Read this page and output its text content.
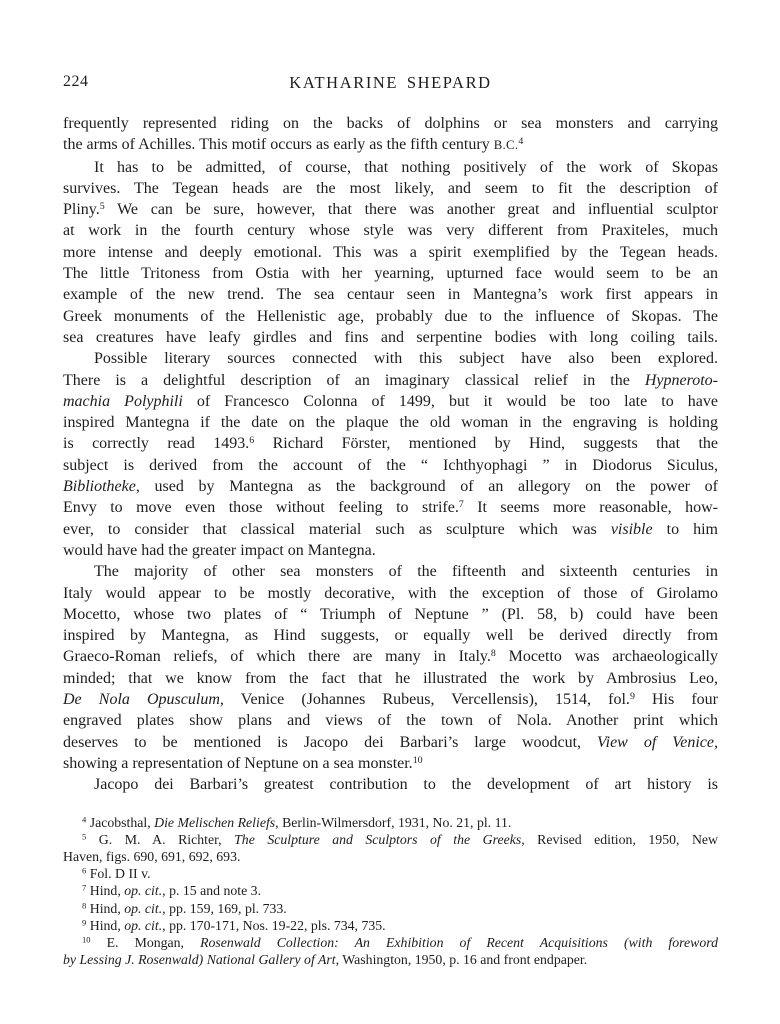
224	KATHARINE SHEPARD
frequently represented riding on the backs of dolphins or sea monsters and carrying
the arms of Achilles. This motif occurs as early as the fifth century B.C.$^4$
It has to be admitted, of course, that nothing positively of the work of Skopas
survives. The Tegean heads are the most likely, and seem to fit the description of
Pliny.$^5$ We can be sure, however, that there was another great and influential sculptor
at work in the fourth century whose style was very different from Praxiteles, much
more intense and deeply emotional. This was a spirit exemplified by the Tegean heads.
The little Tritoness from Ostia with her yearning, upturned face would seem to be an
example of the new trend. The sea centaur seen in Mantegna’s work first appears in
Greek monuments of the Hellenistic age, probably due to the influence of Skopas. The
sea creatures have leafy girdles and fins and serpentine bodies with long coiling tails.
Possible literary sources connected with this subject have also been explored.
There is a delightful description of an imaginary classical relief in the Hypneroto-
machia Polyphili of Francesco Colonna of 1499, but it would be too late to have
inspired Mantegna if the date on the plaque the old woman in the engraving is holding
is correctly read 1493.$^6$ Richard Förster, mentioned by Hind, suggests that the
subject is derived from the account of the “ Ichthyophagi ” in Diodorus Siculus,
Bibliotheke, used by Mantegna as the background of an allegory on the power of
Envy to move even those without feeling to strife.$^7$ It seems more reasonable, how-
ever, to consider that classical material such as sculpture which was visible to him
would have had the greater impact on Mantegna.
The majority of other sea monsters of the fifteenth and sixteenth centuries in
Italy would appear to be mostly decorative, with the exception of those of Girolamo
Mocetto, whose two plates of “ Triumph of Neptune ” (Pl. 58, b) could have been
inspired by Mantegna, as Hind suggests, or equally well be derived directly from
Graeco-Roman reliefs, of which there are many in Italy.$^8$ Mocetto was archaeologically
minded; that we know from the fact that he illustrated the work by Ambrosius Leo,
De Nola Opusculum, Venice (Johannes Rubeus, Vercellensis), 1514, fol.$^9$ His four
engraved plates show plans and views of the town of Nola. Another print which
deserves to be mentioned is Jacopo dei Barbari’s large woodcut, View of Venice,
showing a representation of Neptune on a sea monster.$^{10}$
Jacopo dei Barbari’s greatest contribution to the development of art history is
$^4$ Jacobsthal, Die Melischen Reliefs, Berlin-Wilmersdorf, 1931, No. 21, pl. 11.
$^5$ G. M. A. Richter, The Sculpture and Sculptors of the Greeks, Revised edition, 1950, New
Haven, figs. 690, 691, 692, 693.
$^6$ Fol. D II v.
$^7$ Hind, op. cit., p. 15 and note 3.
$^8$ Hind, op. cit., pp. 159, 169, pl. 733.
$^9$ Hind, op. cit., pp. 170-171, Nos. 19-22, pls. 734, 735.
$^{10}$ E. Mongan, Rosenwald Collection: An Exhibition of Recent Acquisitions (with foreword
by Lessing J. Rosenwald) National Gallery of Art, Washington, 1950, p. 16 and front endpaper.
